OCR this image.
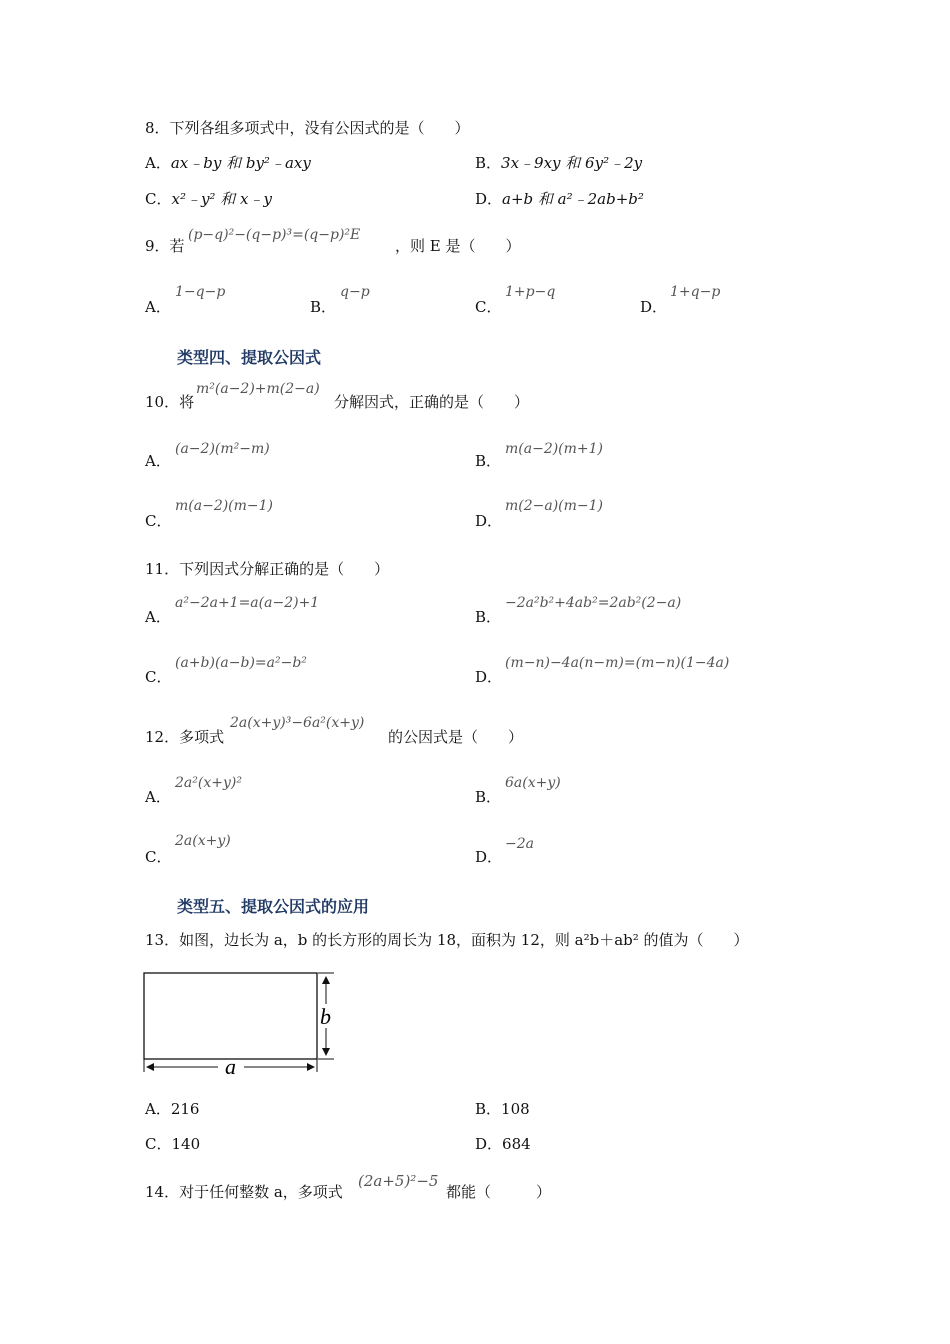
8．下列各组多项式中，没有公因式的是（　　）
A．ax﹣by 和 by²﹣axy	B．3x﹣9xy 和 6y²﹣2y
C．x²﹣y² 和 x﹣y	D．a+b 和 a²﹣2ab+b²
9．若
(p−q)²−(q−p)³=(q−p)²E
，则 E 是（　　）
A．
1−q−p
B．
q−p
C．
1+p−q
D．
1+q−p
类型四、提取公因式
10．将
m²(a−2)+m(2−a)
分解因式，正确的是（　　）
A．
(a−2)(m²−m)
B．
m(a−2)(m+1)
C．
m(a−2)(m−1)
D．
m(2−a)(m−1)
11．下列因式分解正确的是（　　）
A．
a²−2a+1=a(a−2)+1
B．
−2a²b²+4ab²=2ab²(2−a)
C．
(a+b)(a−b)=a²−b²
D．
(m−n)−4a(n−m)=(m−n)(1−4a)
12．多项式
2a(x+y)³−6a²(x+y)
的公因式是（　　）
A．
2a²(x+y)²
B．
6a(x+y)
C．
2a(x+y)
D．
−2a
类型五、提取公因式的应用
13．如图，边长为 a，b 的长方形的周长为 18，面积为 12，则 a²b＋ab² 的值为（　　）
b
a
A．216	B．108
C．140	D．684
14．对于任何整数 a，多项式
(2a+5)²−5
都能（　　　）
